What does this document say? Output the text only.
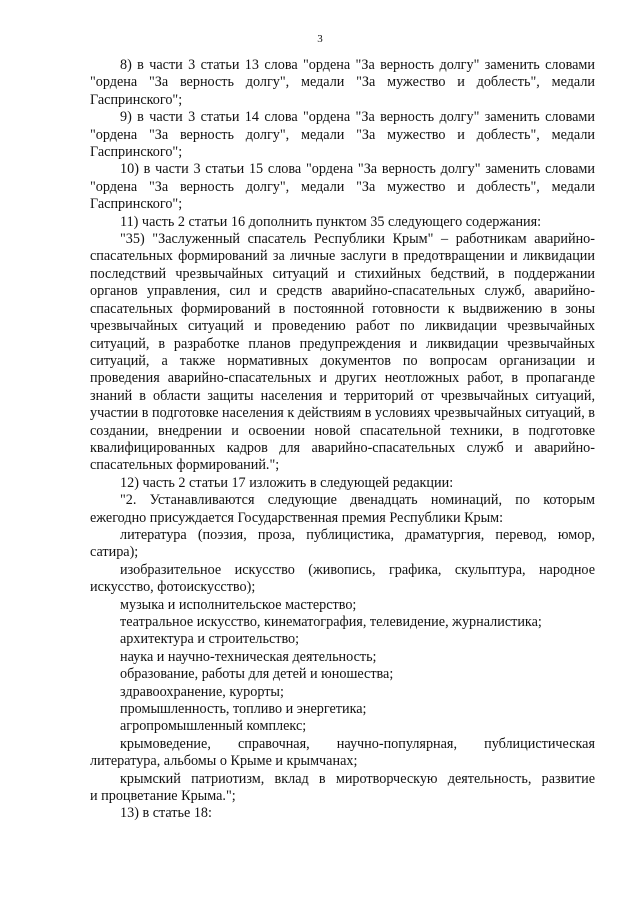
3

8) в части 3 статьи 13 слова "ордена "За верность долгу" заменить словами "ордена "За верность долгу", медали "За мужество и доблесть", медали Гаспринского";

9) в части 3 статьи 14 слова "ордена "За верность долгу" заменить словами "ордена "За верность долгу", медали "За мужество и доблесть", медали Гаспринского";

10) в части 3 статьи 15 слова "ордена "За верность долгу" заменить словами "ордена "За верность долгу", медали "За мужество и доблесть", медали Гаспринского";

11) часть 2 статьи 16 дополнить пунктом 35 следующего содержания:

"35) "Заслуженный спасатель Республики Крым" – работникам аварийно-спасательных формирований за личные заслуги в предотвращении и ликвидации последствий чрезвычайных ситуаций и стихийных бедствий, в поддержании органов управления, сил и средств аварийно-спасательных служб, аварийно-спасательных формирований в постоянной готовности к выдвижению в зоны чрезвычайных ситуаций и проведению работ по ликвидации чрезвычайных ситуаций, в разработке планов предупреждения и ликвидации чрезвычайных ситуаций, а также нормативных документов по вопросам организации и проведения аварийно-спасательных и других неотложных работ, в пропаганде знаний в области защиты населения и территорий от чрезвычайных ситуаций, участии в подготовке населения к действиям в условиях чрезвычайных ситуаций, в создании, внедрении и освоении новой спасательной техники, в подготовке квалифицированных кадров для аварийно-спасательных служб и аварийно-спасательных формирований.";

12) часть 2 статьи 17 изложить в следующей редакции:

"2. Устанавливаются следующие двенадцать номинаций, по которым ежегодно присуждается Государственная премия Республики Крым:

литература (поэзия, проза, публицистика, драматургия, перевод, юмор,

сатира);

изобразительное искусство (живопись, графика, скульптура, народное

искусство, фотоискусство);

музыка и исполнительское мастерство;

театральное искусство, кинематография, телевидение, журналистика;

архитектура и строительство;

наука и научно-техническая деятельность;

образование, работы для детей и юношества;

здравоохранение, курорты;

промышленность, топливо и энергетика;

агропромышленный комплекс;

крымоведение, справочная, научно-популярная, публицистическая

литература, альбомы о Крыме и крымчанах;

крымский патриотизм, вклад в миротворческую деятельность, развитие

и процветание Крыма.";

13) в статье 18:
